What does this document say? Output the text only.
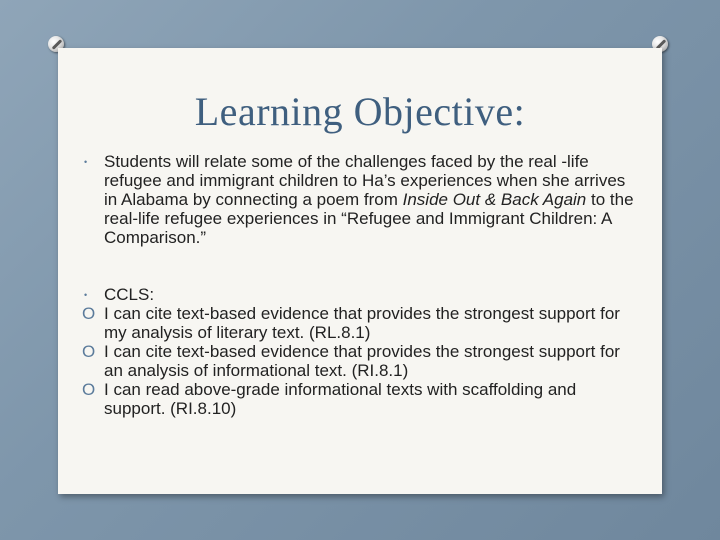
Learning Objective:
• Students will relate some of the challenges faced by the real -life refugee and immigrant children to Ha’s experiences when she arrives in Alabama by connecting a poem from Inside Out & Back Again to the real-life refugee experiences in “Refugee and Immigrant Children: A Comparison.”
• CCLS:
O I can cite text-based evidence that provides the strongest support for my analysis of literary text. (RL.8.1)
O I can cite text-based evidence that provides the strongest support for an analysis of informational text. (RI.8.1)
O I can read above-grade informational texts with scaffolding and support. (RI.8.10)
